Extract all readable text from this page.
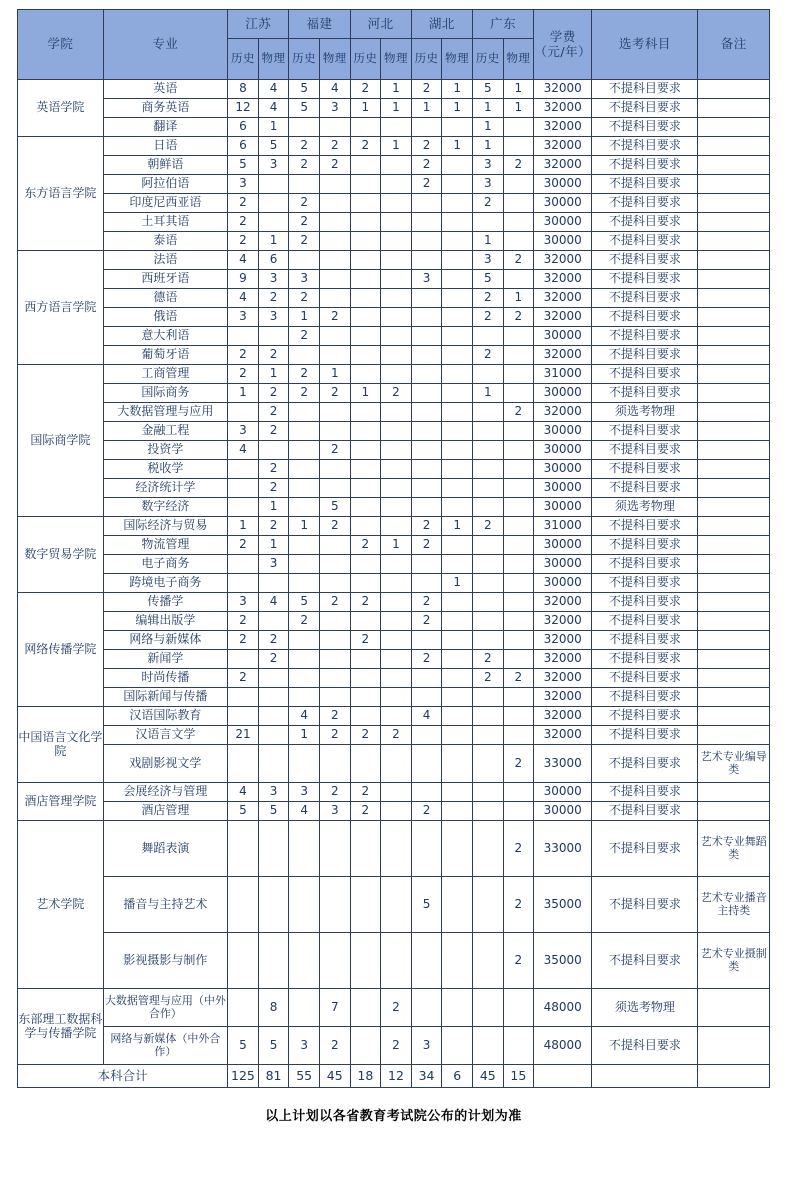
学院	专业	江苏		福建		河北		湖北		广东		学费
（元/年）	选考科目	备注
		历史	物理	历史	物理	历史	物理	历史	物理	历史	物理			
英语学院	英语	8	4	5	4	2	1	2	1	5	1	32000	不提科目要求	
	商务英语	12	4	5	3	1	1	1	1	1	1	32000	不提科目要求	
	翻译	6	1							1		32000	不提科目要求	
东方语言学院	日语	6	5	2	2	2	1	2	1	1		32000	不提科目要求	
	朝鲜语	5	3	2	2			2		3	2	32000	不提科目要求	
	阿拉伯语	3						2		3		30000	不提科目要求	
	印度尼西亚语	2		2						2		30000	不提科目要求	
	土耳其语	2		2								30000	不提科目要求	
	泰语	2	1	2						1		30000	不提科目要求	
西方语言学院	法语	4	6							3	2	32000	不提科目要求	
	西班牙语	9	3	3				3		5		32000	不提科目要求	
	德语	4	2	2						2	1	32000	不提科目要求	
	俄语	3	3	1	2					2	2	32000	不提科目要求	
	意大利语			2								30000	不提科目要求	
	葡萄牙语	2	2							2		32000	不提科目要求	
国际商学院	工商管理	2	1	2	1							31000	不提科目要求	
	国际商务	1	2	2	2	1	2			1		30000	不提科目要求	
	大数据管理与应用		2								2	32000	须选考物理	
	金融工程	3	2									30000	不提科目要求	
	投资学	4			2							30000	不提科目要求	
	税收学		2									30000	不提科目要求	
	经济统计学		2									30000	不提科目要求	
	数字经济		1		5							30000	须选考物理	
数字贸易学院	国际经济与贸易	1	2	1	2			2	1	2		31000	不提科目要求	
	物流管理	2	1			2	1	2				30000	不提科目要求	
	电子商务		3									30000	不提科目要求	
	跨境电子商务								1			30000	不提科目要求	
网络传播学院	传播学	3	4	5	2	2		2				32000	不提科目要求	
	编辑出版学	2		2				2				32000	不提科目要求	
	网络与新媒体	2	2			2						32000	不提科目要求	
	新闻学		2					2		2		32000	不提科目要求	
	时尚传播	2								2	2	32000	不提科目要求	
	国际新闻与传播											32000	不提科目要求	
中国语言文化学院	汉语国际教育			4	2			4				32000	不提科目要求	
	汉语言文学	21		1	2	2	2					32000	不提科目要求	
	戏剧影视文学										2	33000	不提科目要求	艺术专业编导类
酒店管理学院	会展经济与管理	4	3	3	2	2						30000	不提科目要求	
	酒店管理	5	5	4	3	2		2				30000	不提科目要求	
艺术学院	舞蹈表演										2	33000	不提科目要求	艺术专业舞蹈类
	播音与主持艺术							5			2	35000	不提科目要求	艺术专业播音主持类
	影视摄影与制作										2	35000	不提科目要求	艺术专业摄制类
东部理工数据科学与传播学院	大数据管理与应用（中外合作）		8		7		2					48000	须选考物理	
	网络与新媒体（中外合作）	5	5	3	2		2	3				48000	不提科目要求	
本科合计		125	81	55	45	18	12	34	6	45	15			
以上计划以各省教育考试院公布的计划为准
